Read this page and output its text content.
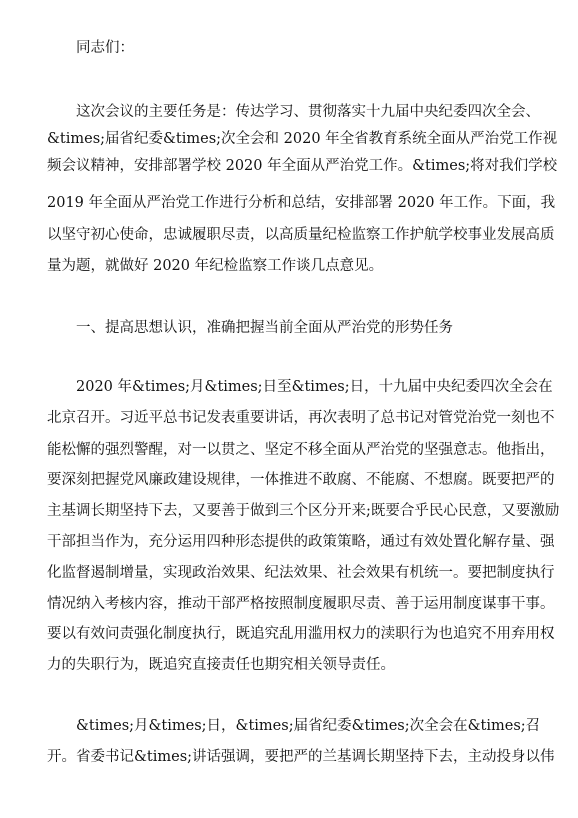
同志们：
这次会议的主要任务是：传达学习、贯彻落实十九届中央纪委四次全会、
&times;届省纪委&times;次全会和 2020 年全省教育系统全面从严治党工作视
频会议精神，安排部署学校 2020 年全面从严治党工作。&times;将对我们学校
2019 年全面从严治党工作进行分析和总结，安排部署 2020 年工作。下面，我
以坚守初心使命，忠诚履职尽责，以高质量纪检监察工作护航学校事业发展高质
量为题，就做好 2020 年纪检监察工作谈几点意见。
一、提高思想认识，准确把握当前全面从严治党的形势任务
2020 年&times;月&times;日至&times;日，十九届中央纪委四次全会在
北京召开。习近平总书记发表重要讲话，再次表明了总书记对管党治党一刻也不
能松懈的强烈警醒，对一以贯之、坚定不移全面从严治党的坚强意志。他指出，
要深刻把握党风廉政建设规律，一体推进不敢腐、不能腐、不想腐。既要把严的
主基调长期坚持下去，又要善于做到三个区分开来;既要合乎民心民意，又要激励
干部担当作为，充分运用四种形态提供的政策策略，通过有效处置化解存量、强
化监督遏制增量，实现政治效果、纪法效果、社会效果有机统一。要把制度执行
情况纳入考核内容，推动干部严格按照制度履职尽责、善于运用制度谋事干事。
要以有效问责强化制度执行，既追究乱用滥用权力的渎职行为也追究不用弃用权
力的失职行为，既追究直接责任也期究相关领导责任。
&times;月&times;日，&times;届省纪委&times;次全会在&times;召
开。省委书记&times;讲话强调，要把严的兰基调长期坚持下去，主动投身以伟
